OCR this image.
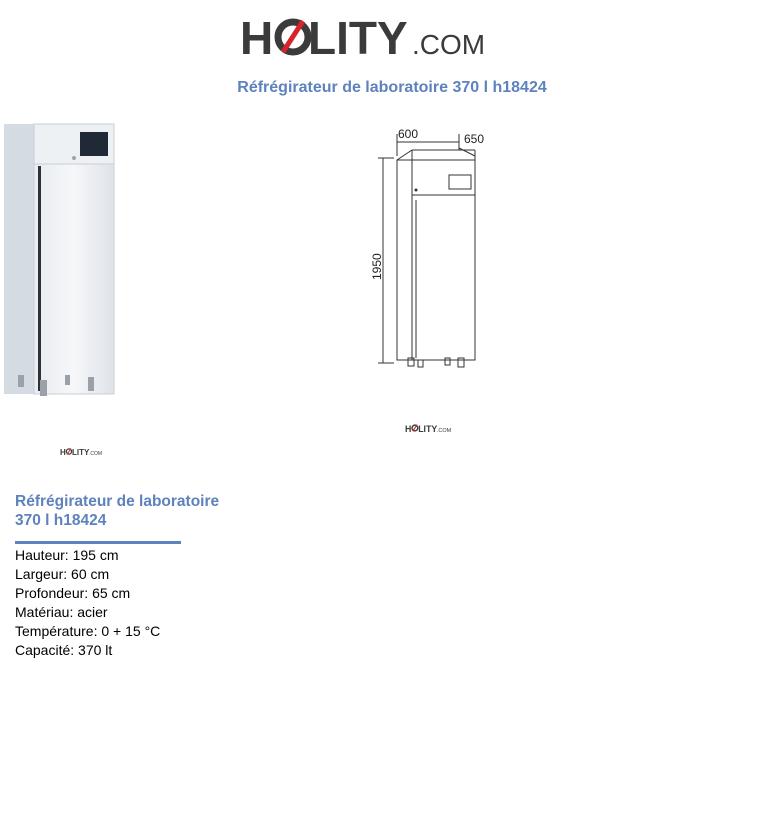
H LITY .COM
Réfrégirateur de laboratoire 370 l h18424
600	650
1950
H LITY .COM
H LITY .COM
Réfrégirateur de laboratoire
370 l h18424
Hauteur: 195 cm
Largeur: 60 cm
Profondeur: 65 cm
Matériau: acier
Température: 0 + 15 °C
Capacité: 370 lt
